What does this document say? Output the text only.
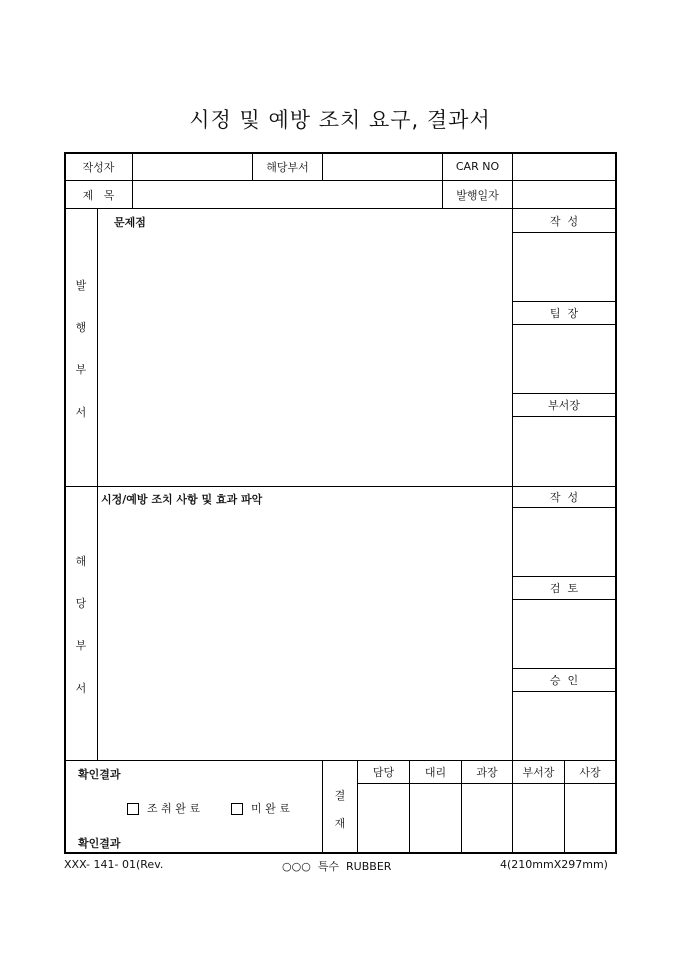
시정 및 예방 조치 요구, 결과서
작성자	해당부서	CAR NO
제   목	발행일자
발
행
부
서
문제점	작  성
팀  장
부서장
해
당
부
서
시정/예방 조치 사항 및 효과 파악	작  성
검  토
승  인
확인결과
조 취 완 료	미 완 료
확인결과
결
재
담당	대리	과장	부서장	사장
XXX- 141- 01(Rev.	○○○  특수  RUBBER	4(210mmX297mm)
